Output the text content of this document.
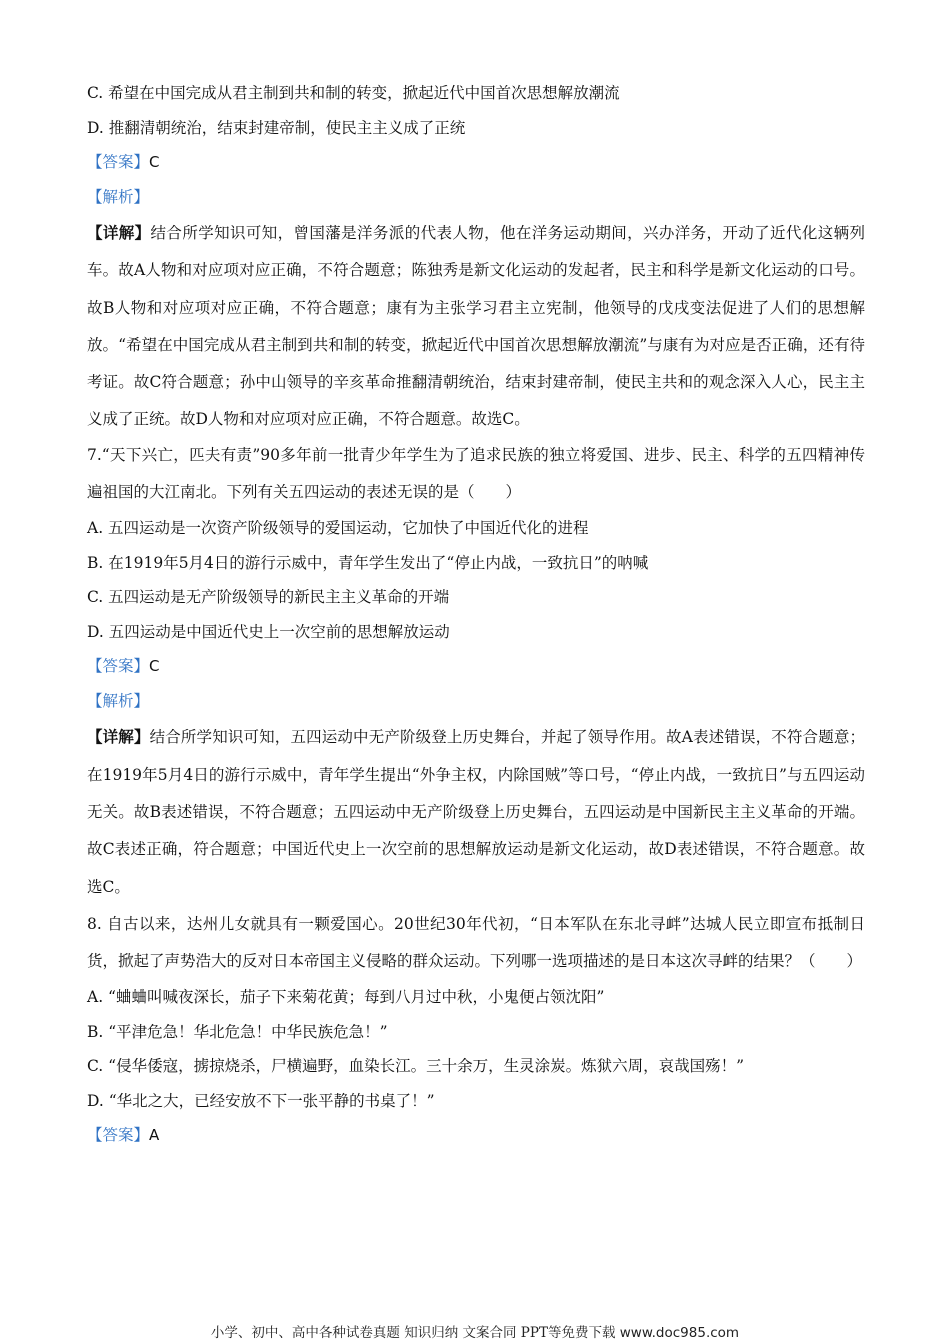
C. 希望在中国完成从君主制到共和制的转变，掀起近代中国首次思想解放潮流
D. 推翻清朝统治，结束封建帝制，使民主主义成了正统
【答案】C
【解析】
【详解】结合所学知识可知，曾国藩是洋务派的代表人物，他在洋务运动期间，兴办洋务，开动了近代化这辆列车。故A人物和对应项对应正确，不符合题意；陈独秀是新文化运动的发起者，民主和科学是新文化运动的口号。故B人物和对应项对应正确，不符合题意；康有为主张学习君主立宪制，他领导的戊戌变法促进了人们的思想解放。“希望在中国完成从君主制到共和制的转变，掀起近代中国首次思想解放潮流”与康有为对应是否正确，还有待考证。故C符合题意；孙中山领导的辛亥革命推翻清朝统治，结束封建帝制，使民主共和的观念深入人心，民主主义成了正统。故D人物和对应项对应正确，不符合题意。故选C。
7.“天下兴亡，匹夫有责”90多年前一批青少年学生为了追求民族的独立将爱国、进步、民主、科学的五四精神传遍祖国的大江南北。下列有关五四运动的表述无误的是（　　）
A. 五四运动是一次资产阶级领导的爱国运动，它加快了中国近代化的进程
B. 在1919年5月4日的游行示威中，青年学生发出了“停止内战，一致抗日”的呐喊
C. 五四运动是无产阶级领导的新民主主义革命的开端
D. 五四运动是中国近代史上一次空前的思想解放运动
【答案】C
【解析】
【详解】结合所学知识可知，五四运动中无产阶级登上历史舞台，并起了领导作用。故A表述错误，不符合题意；在1919年5月4日的游行示威中，青年学生提出“外争主权，内除国贼”等口号，“停止内战，一致抗日”与五四运动无关。故B表述错误，不符合题意；五四运动中无产阶级登上历史舞台，五四运动是中国新民主主义革命的开端。故C表述正确，符合题意；中国近代史上一次空前的思想解放运动是新文化运动，故D表述错误，不符合题意。故选C。
8. 自古以来，达州儿女就具有一颗爱国心。20世纪30年代初，“日本军队在东北寻衅”达城人民立即宣布抵制日货，掀起了声势浩大的反对日本帝国主义侵略的群众运动。下列哪一选项描述的是日本这次寻衅的结果？（　　）
A. “蛐蛐叫喊夜深长，茄子下来菊花黄；每到八月过中秋，小鬼便占领沈阳”
B. “平津危急！华北危急！中华民族危急！”
C. “侵华倭寇，掳掠烧杀，尸横遍野，血染长江。三十余万，生灵涂炭。炼狱六周，哀哉国殇！”
D. “华北之大，已经安放不下一张平静的书桌了！”
【答案】A
小学、初中、高中各种试卷真题 知识归纳 文案合同 PPT等免费下载 www.doc985.com
